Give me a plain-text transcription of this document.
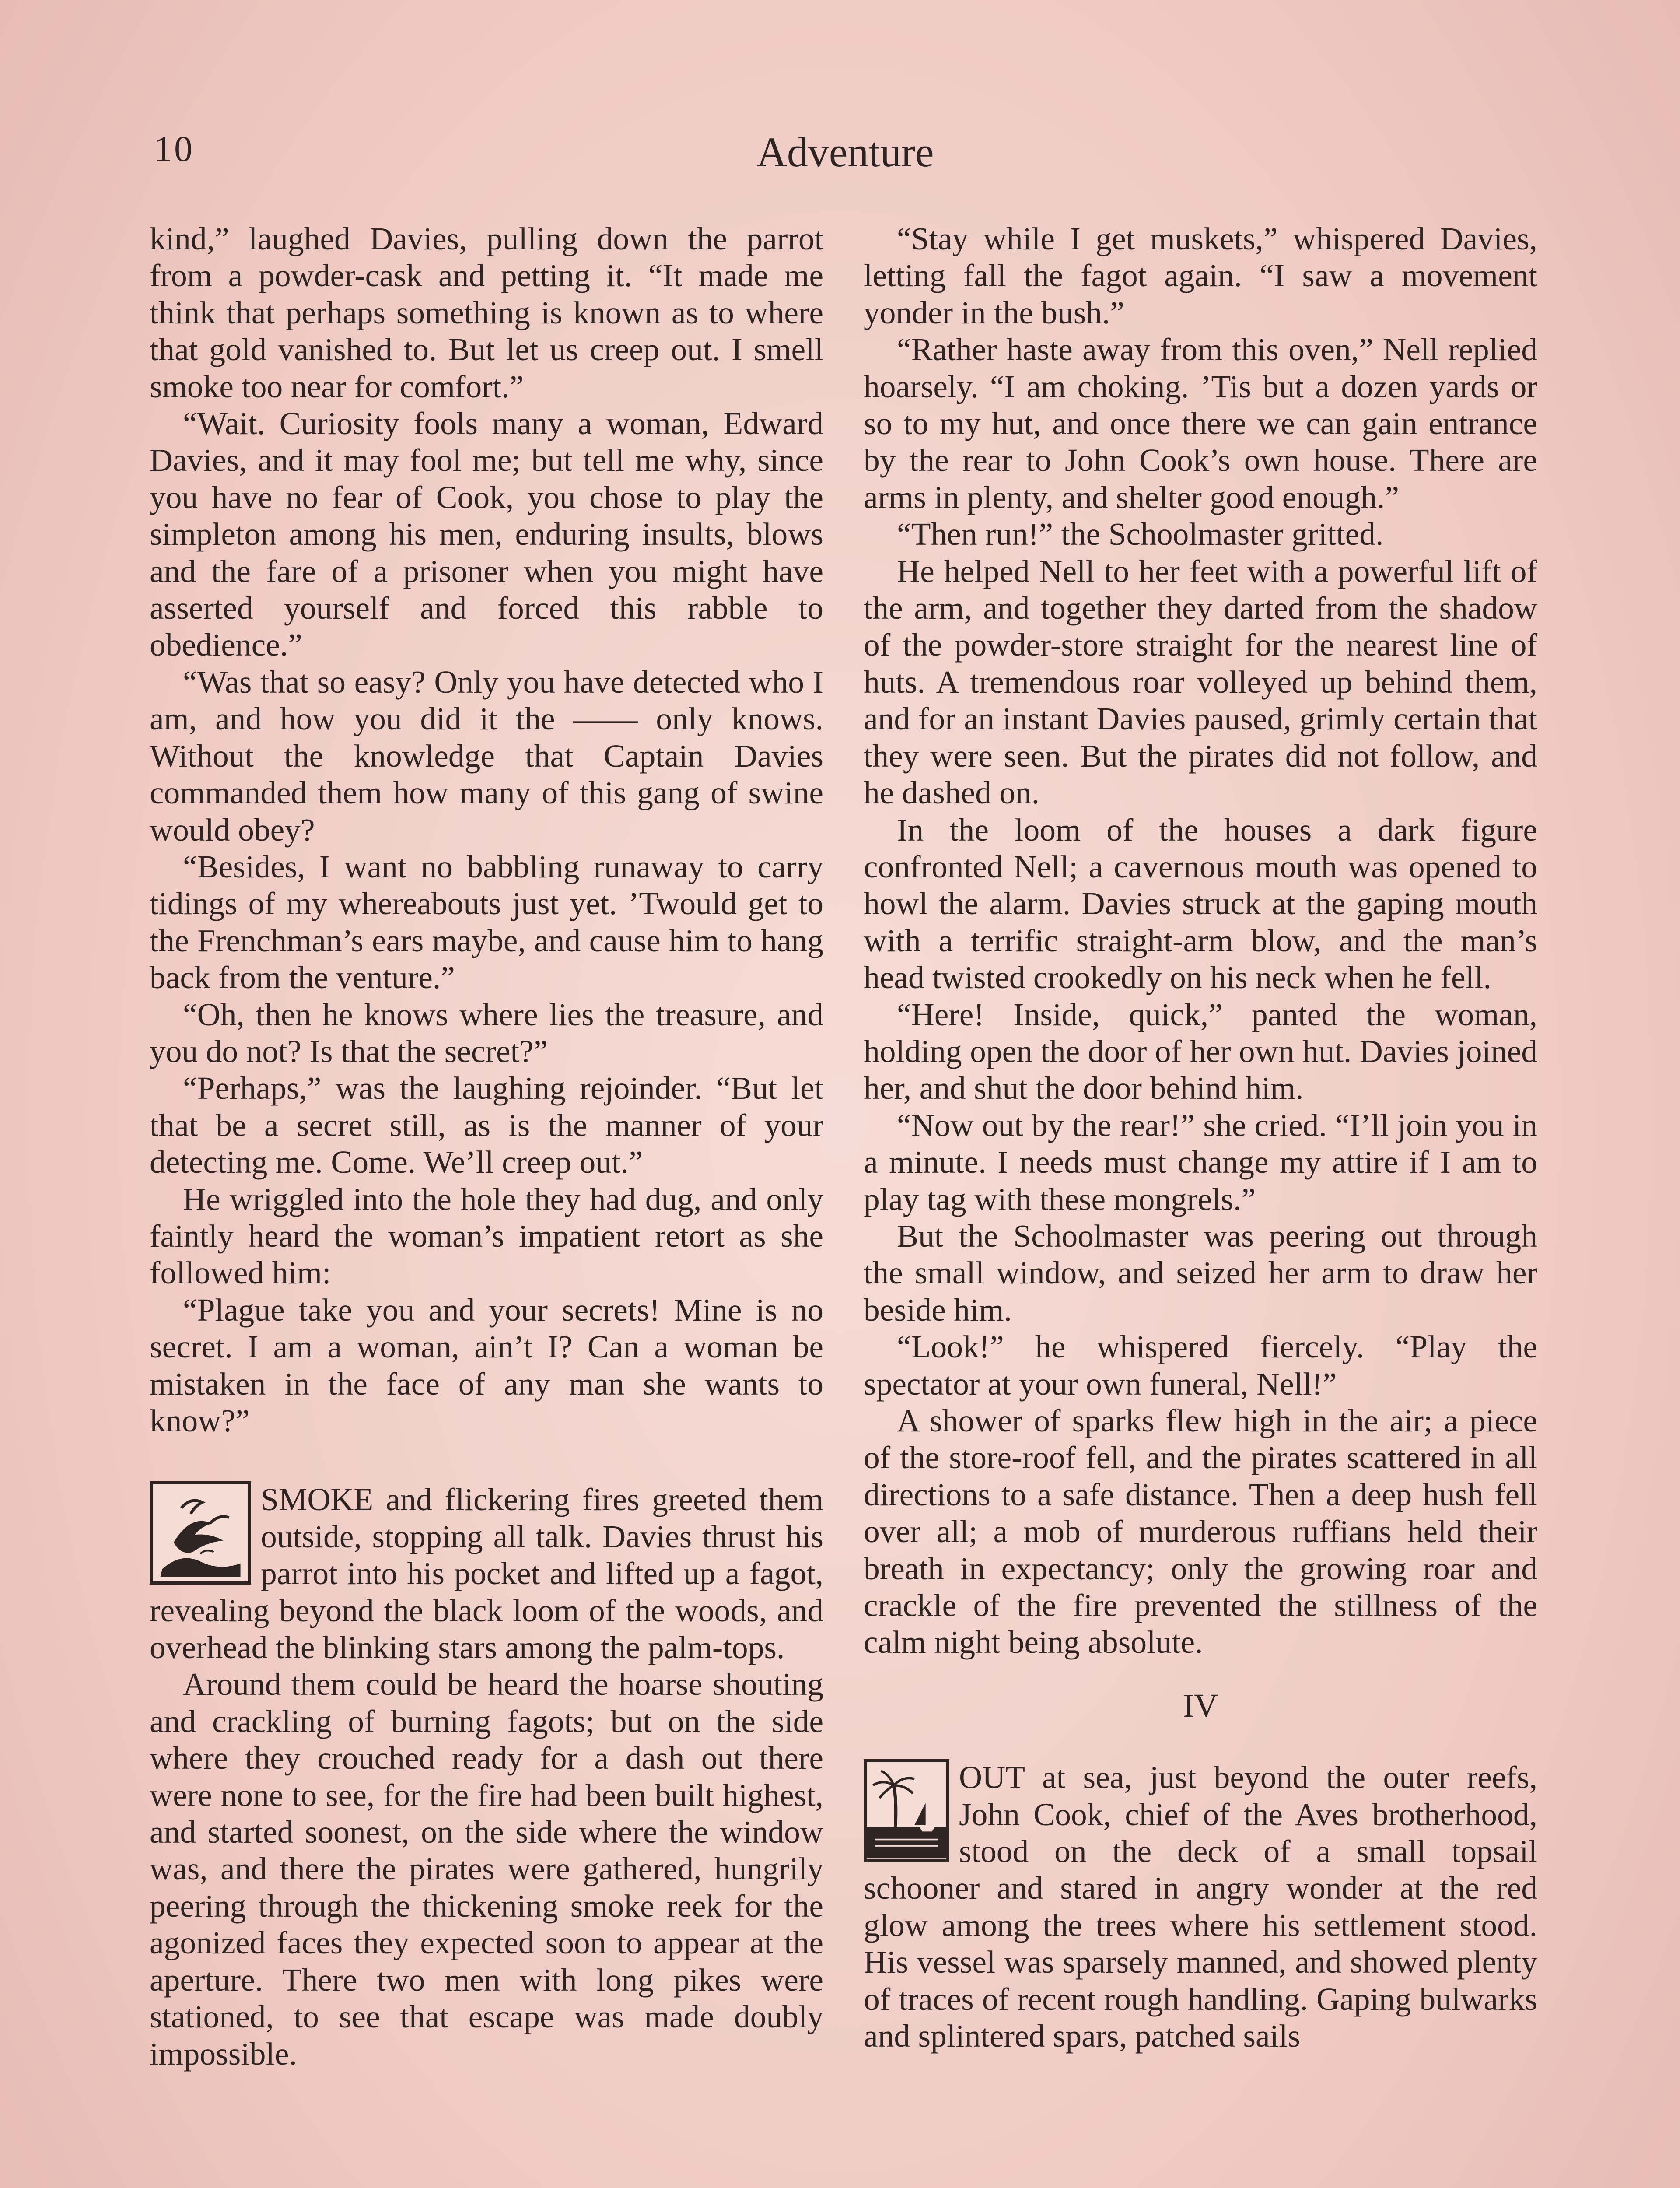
10	Adventure

kind,” laughed Davies, pulling down the parrot from a powder-cask and petting it. “It made me think that perhaps something is known as to where that gold vanished to. But let us creep out. I smell smoke too near for comfort.”

“Wait. Curiosity fools many a woman, Edward Davies, and it may fool me; but tell me why, since you have no fear of Cook, you chose to play the simpleton among his men, enduring insults, blows and the fare of a prisoner when you might have asserted yourself and forced this rabble to obedience.”

“Was that so easy? Only you have detected who I am, and how you did it the —— only knows. Without the knowledge that Captain Davies commanded them how many of this gang of swine would obey?

“Besides, I want no babbling runaway to carry tidings of my whereabouts just yet. ’Twould get to the Frenchman’s ears maybe, and cause him to hang back from the venture.”

“Oh, then he knows where lies the treasure, and you do not? Is that the secret?”

“Perhaps,” was the laughing rejoinder. “But let that be a secret still, as is the manner of your detecting me. Come. We’ll creep out.”

He wriggled into the hole they had dug, and only faintly heard the woman’s impatient retort as she followed him:

“Plague take you and your secrets! Mine is no secret. I am a woman, ain’t I? Can a woman be mistaken in the face of any man she wants to know?”

SMOKE and flickering fires greeted them outside, stopping all talk. Davies thrust his parrot into his pocket and lifted up a fagot, revealing beyond the black loom of the woods, and overhead the blinking stars among the palm-tops.

Around them could be heard the hoarse shouting and crackling of burning fagots; but on the side where they crouched ready for a dash out there were none to see, for the fire had been built highest, and started soonest, on the side where the window was, and there the pirates were gathered, hungrily peering through the thickening smoke reek for the agonized faces they expected soon to appear at the aperture. There two men with long pikes were stationed, to see that escape was made doubly impossible.

“Stay while I get muskets,” whispered Davies, letting fall the fagot again. “I saw a movement yonder in the bush.”

“Rather haste away from this oven,” Nell replied hoarsely. “I am choking. ’Tis but a dozen yards or so to my hut, and once there we can gain entrance by the rear to John Cook’s own house. There are arms in plenty, and shelter good enough.”

“Then run!” the Schoolmaster gritted.

He helped Nell to her feet with a powerful lift of the arm, and together they darted from the shadow of the powder-store straight for the nearest line of huts. A tremendous roar volleyed up behind them, and for an instant Davies paused, grimly certain that they were seen. But the pirates did not follow, and he dashed on.

In the loom of the houses a dark figure confronted Nell; a cavernous mouth was opened to howl the alarm. Davies struck at the gaping mouth with a terrific straight-arm blow, and the man’s head twisted crookedly on his neck when he fell.

“Here! Inside, quick,” panted the woman, holding open the door of her own hut. Davies joined her, and shut the door behind him.

“Now out by the rear!” she cried. “I’ll join you in a minute. I needs must change my attire if I am to play tag with these mongrels.”

But the Schoolmaster was peering out through the small window, and seized her arm to draw her beside him.

“Look!” he whispered fiercely. “Play the spectator at your own funeral, Nell!”

A shower of sparks flew high in the air; a piece of the store-roof fell, and the pirates scattered in all directions to a safe distance. Then a deep hush fell over all; a mob of murderous ruffians held their breath in expectancy; only the growing roar and crackle of the fire prevented the stillness of the calm night being absolute.

IV

OUT at sea, just beyond the outer reefs, John Cook, chief of the Aves brotherhood, stood on the deck of a small topsail schooner and stared in angry wonder at the red glow among the trees where his settlement stood. His vessel was sparsely manned, and showed plenty of traces of recent rough handling. Gaping bulwarks and splintered spars, patched sails
